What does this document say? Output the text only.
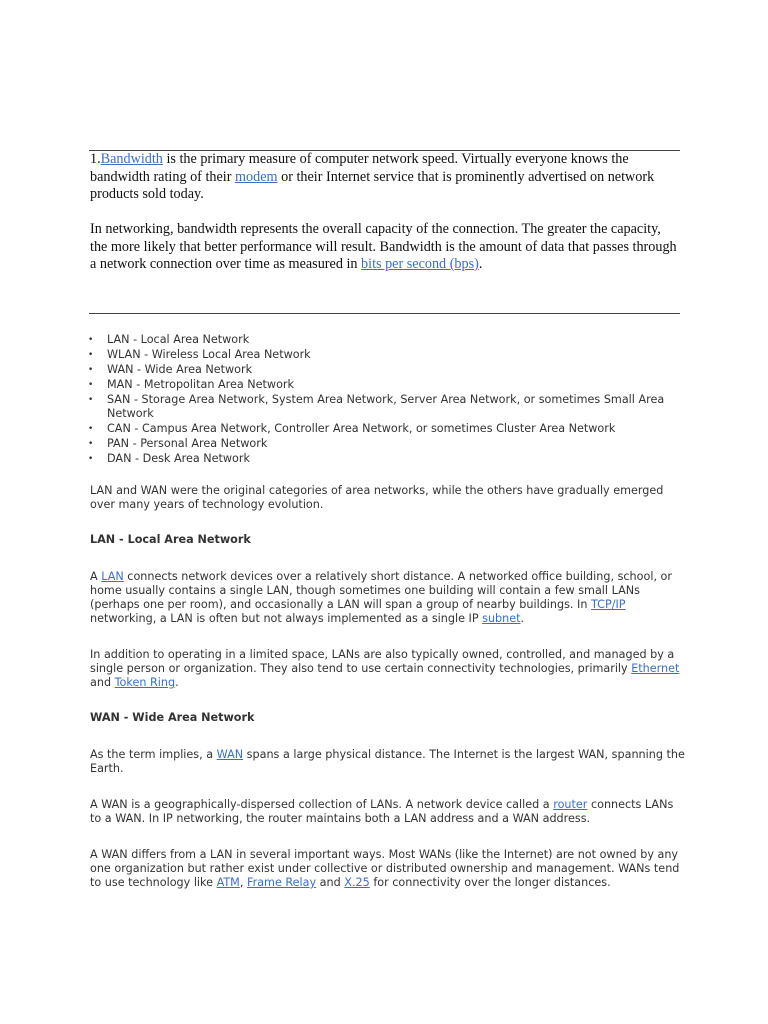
1.Bandwidth is the primary measure of computer network speed. Virtually everyone knows the bandwidth rating of their modem or their Internet service that is prominently advertised on network products sold today.

In networking, bandwidth represents the overall capacity of the connection. The greater the capacity, the more likely that better performance will result. Bandwidth is the amount of data that passes through a network connection over time as measured in bits per second (bps).

• LAN - Local Area Network
• WLAN - Wireless Local Area Network
• WAN - Wide Area Network
• MAN - Metropolitan Area Network
• SAN - Storage Area Network, System Area Network, Server Area Network, or sometimes Small Area Network
• CAN - Campus Area Network, Controller Area Network, or sometimes Cluster Area Network
• PAN - Personal Area Network
• DAN - Desk Area Network

LAN and WAN were the original categories of area networks, while the others have gradually emerged over many years of technology evolution.

LAN - Local Area Network

A LAN connects network devices over a relatively short distance. A networked office building, school, or home usually contains a single LAN, though sometimes one building will contain a few small LANs (perhaps one per room), and occasionally a LAN will span a group of nearby buildings. In TCP/IP networking, a LAN is often but not always implemented as a single IP subnet.

In addition to operating in a limited space, LANs are also typically owned, controlled, and managed by a single person or organization. They also tend to use certain connectivity technologies, primarily Ethernet and Token Ring.

WAN - Wide Area Network

As the term implies, a WAN spans a large physical distance. The Internet is the largest WAN, spanning the Earth.

A WAN is a geographically-dispersed collection of LANs. A network device called a router connects LANs to a WAN. In IP networking, the router maintains both a LAN address and a WAN address.

A WAN differs from a LAN in several important ways. Most WANs (like the Internet) are not owned by any one organization but rather exist under collective or distributed ownership and management. WANs tend to use technology like ATM, Frame Relay and X.25 for connectivity over the longer distances.
